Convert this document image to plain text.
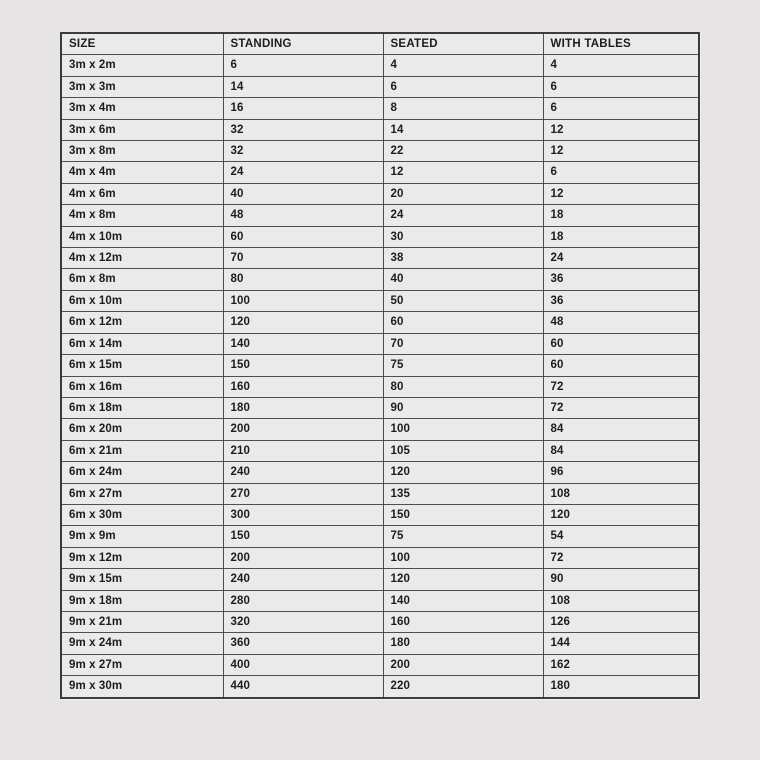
SIZE	STANDING	SEATED	WITH TABLES
3m x 2m	6	4	4
3m x 3m	14	6	6
3m x 4m	16	8	6
3m x 6m	32	14	12
3m x 8m	32	22	12
4m x 4m	24	12	6
4m x 6m	40	20	12
4m x 8m	48	24	18
4m x 10m	60	30	18
4m x 12m	70	38	24
6m x 8m	80	40	36
6m x 10m	100	50	36
6m x 12m	120	60	48
6m x 14m	140	70	60
6m x 15m	150	75	60
6m x 16m	160	80	72
6m x 18m	180	90	72
6m x 20m	200	100	84
6m x 21m	210	105	84
6m x 24m	240	120	96
6m x 27m	270	135	108
6m x 30m	300	150	120
9m x 9m	150	75	54
9m x 12m	200	100	72
9m x 15m	240	120	90
9m x 18m	280	140	108
9m x 21m	320	160	126
9m x 24m	360	180	144
9m x 27m	400	200	162
9m x 30m	440	220	180
